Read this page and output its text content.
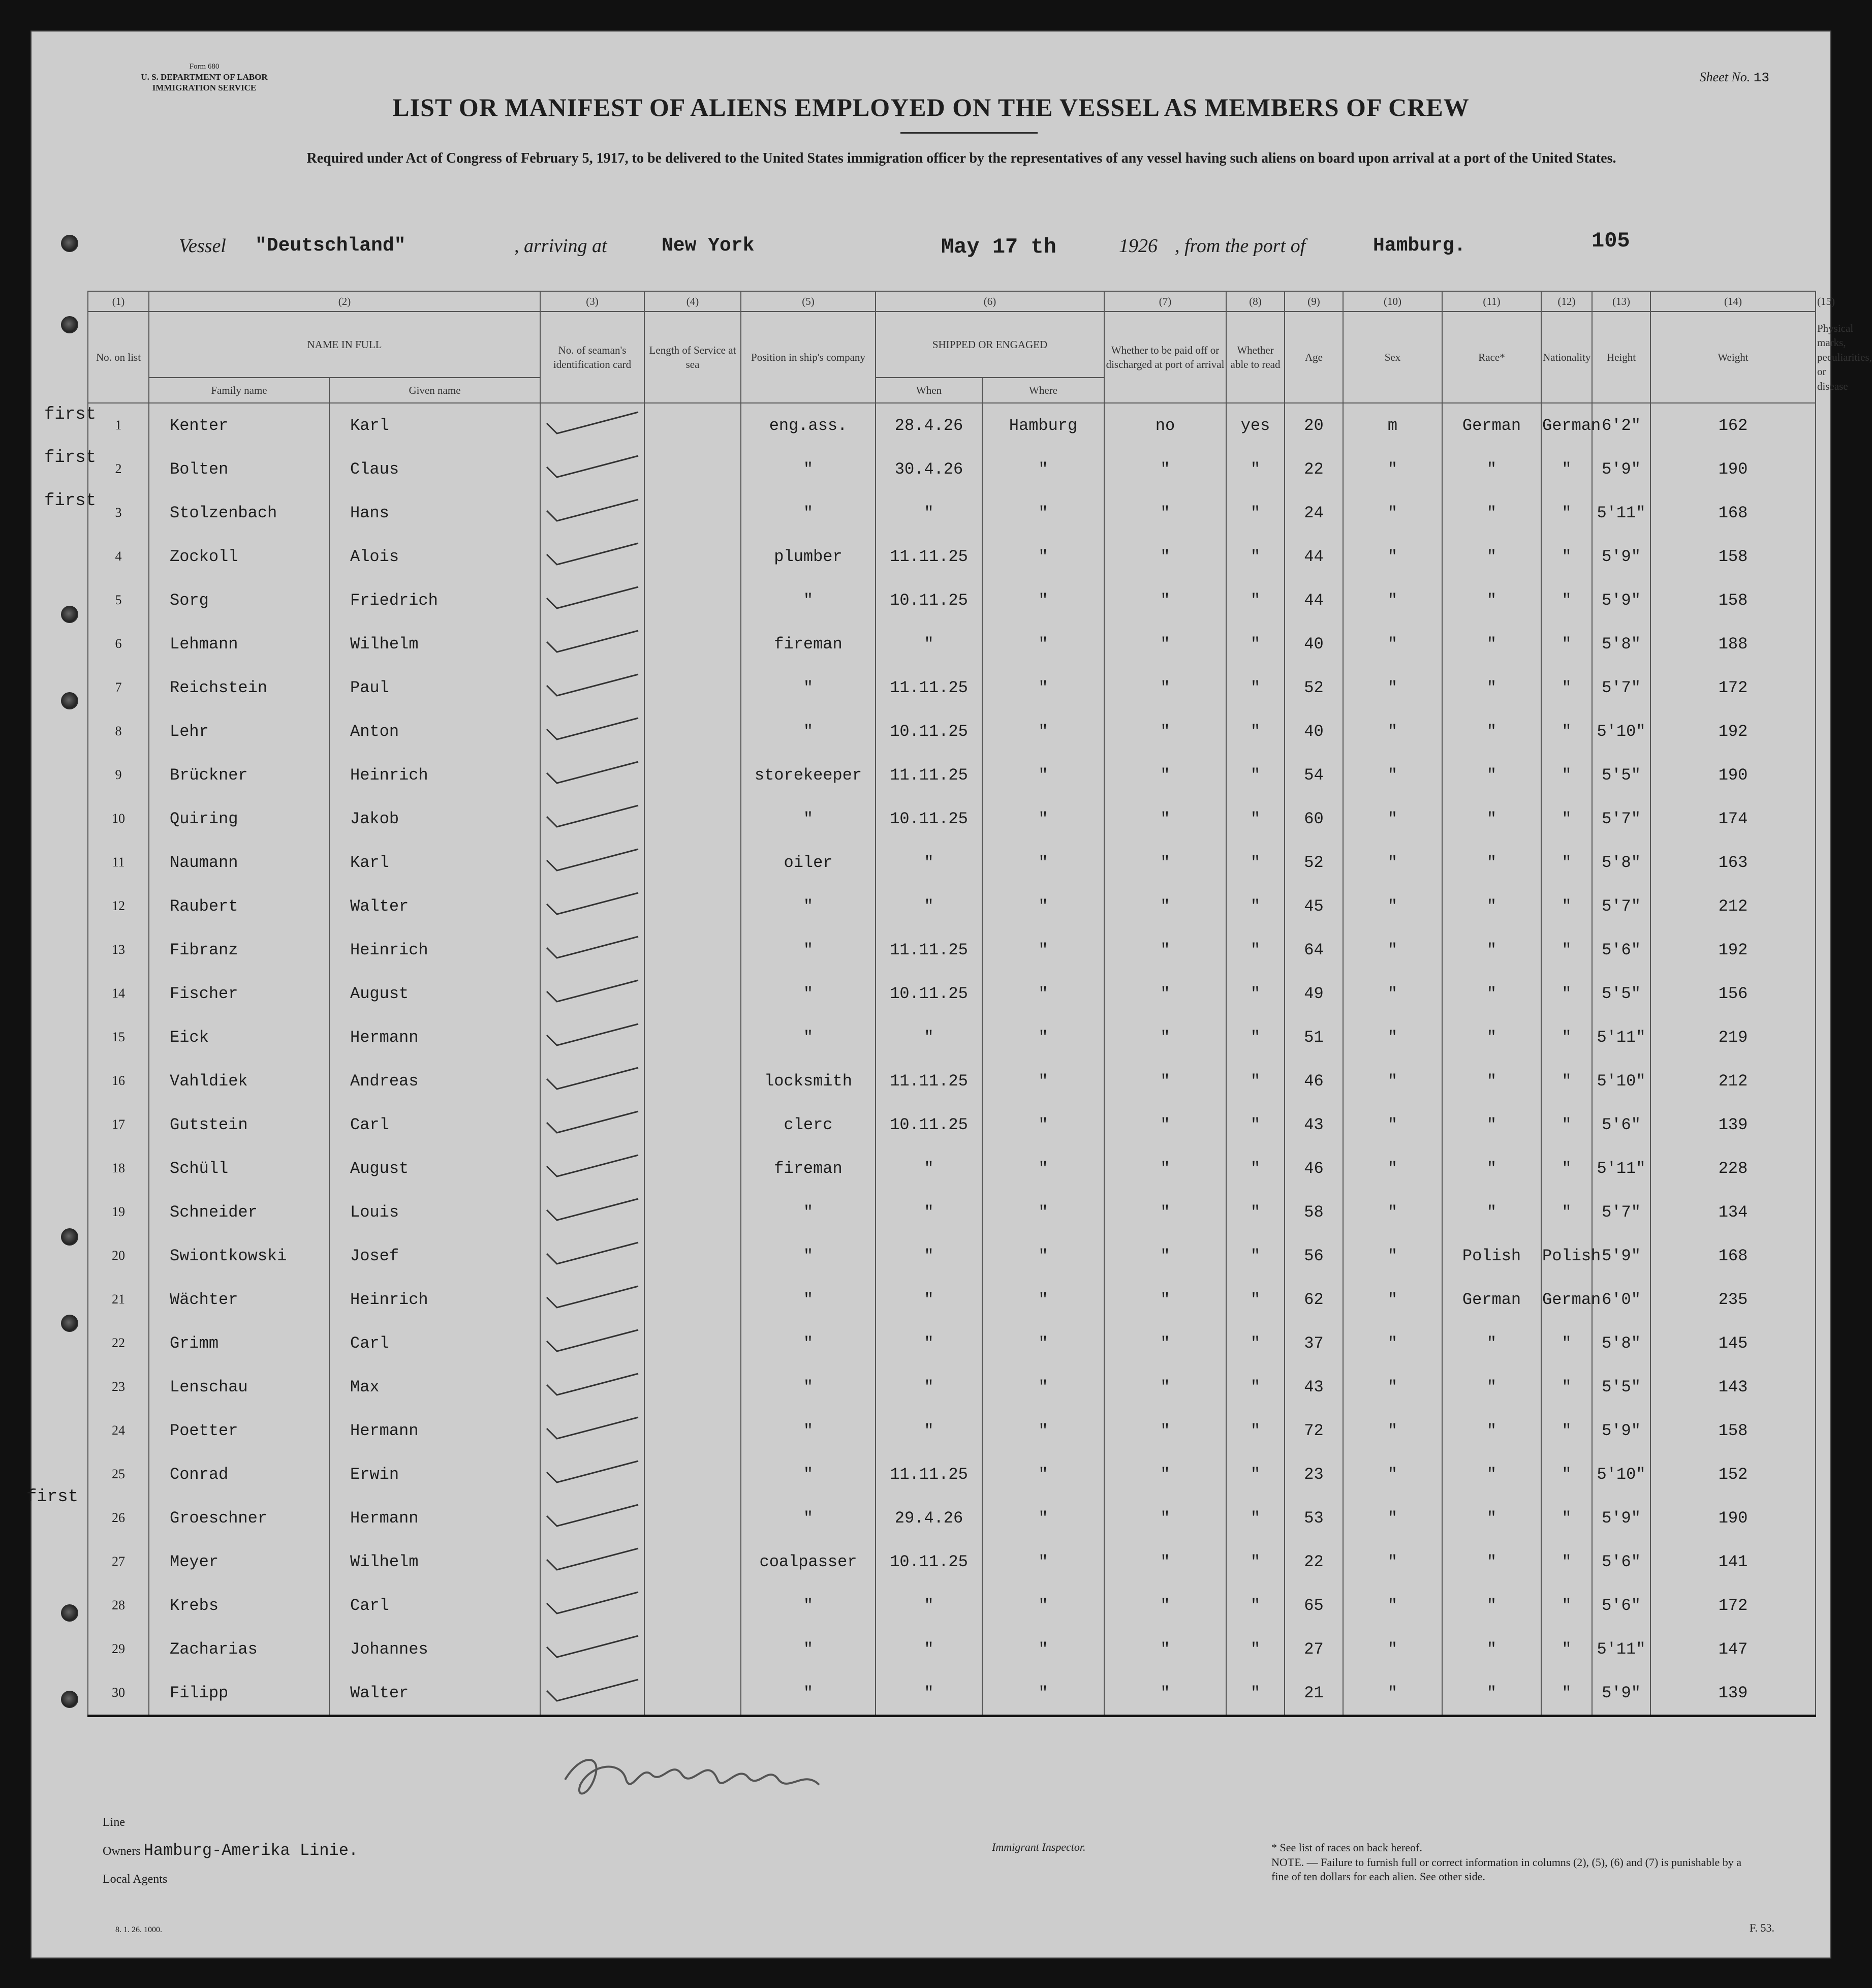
Form 680
U. S. DEPARTMENT OF LABOR
IMMIGRATION SERVICE
Sheet No. 13
LIST OR MANIFEST OF ALIENS EMPLOYED ON THE VESSEL AS MEMBERS OF CREW
Required under Act of Congress of February 5, 1917, to be delivered to the United States immigration officer by the representatives of any vessel having such aliens on board upon arrival at a port of the United States.
Vessel "Deutschland"	, arriving at	New York	May 17 th	1926 , from the port of	Hamburg.	105
first
first
first
first
(1)	(2)		(3)	(4)	(5)	(6)		(7)	(8)	(9)	(10)	(11)	(12)	(13)	(14)	(15)
No. on list	NAME IN FULL		No. of seaman's identification card	Length of Service at sea	Position in ship's company	SHIPPED OR ENGAGED		Whether to be paid off or discharged at port of arrival	Whether able to read	Age	Sex	Race*	Nationality	Height	Weight	Physical marks, peculiarities, or disease
	Family name	Given name				When	Where									
1	Kenter	Karl			eng.ass.	28.4.26	Hamburg	no	yes	20	m	German	German	6'2"	162	
2	Bolten	Claus			"	30.4.26	"	"	"	22	"	"	"	5'9"	190	
3	Stolzenbach	Hans			"	"	"	"	"	24	"	"	"	5'11"	168	
4	Zockoll	Alois			plumber	11.11.25	"	"	"	44	"	"	"	5'9"	158	
5	Sorg	Friedrich			"	10.11.25	"	"	"	44	"	"	"	5'9"	158	
6	Lehmann	Wilhelm			fireman	"	"	"	"	40	"	"	"	5'8"	188	
7	Reichstein	Paul			"	11.11.25	"	"	"	52	"	"	"	5'7"	172	
8	Lehr	Anton			"	10.11.25	"	"	"	40	"	"	"	5'10"	192	
9	Brückner	Heinrich			storekeeper	11.11.25	"	"	"	54	"	"	"	5'5"	190	
10	Quiring	Jakob			"	10.11.25	"	"	"	60	"	"	"	5'7"	174	
11	Naumann	Karl			oiler	"	"	"	"	52	"	"	"	5'8"	163	
12	Raubert	Walter			"	"	"	"	"	45	"	"	"	5'7"	212	
13	Fibranz	Heinrich			"	11.11.25	"	"	"	64	"	"	"	5'6"	192	
14	Fischer	August			"	10.11.25	"	"	"	49	"	"	"	5'5"	156	
15	Eick	Hermann			"	"	"	"	"	51	"	"	"	5'11"	219	
16	Vahldiek	Andreas			locksmith	11.11.25	"	"	"	46	"	"	"	5'10"	212	
17	Gutstein	Carl			clerc	10.11.25	"	"	"	43	"	"	"	5'6"	139	
18	Schüll	August			fireman	"	"	"	"	46	"	"	"	5'11"	228	
19	Schneider	Louis			"	"	"	"	"	58	"	"	"	5'7"	134	
20	Swiontkowski	Josef			"	"	"	"	"	56	"	Polish	Polish	5'9"	168	
21	Wächter	Heinrich			"	"	"	"	"	62	"	German	German	6'0"	235	
22	Grimm	Carl			"	"	"	"	"	37	"	"	"	5'8"	145	
23	Lenschau	Max			"	"	"	"	"	43	"	"	"	5'5"	143	
24	Poetter	Hermann			"	"	"	"	"	72	"	"	"	5'9"	158	
25	Conrad	Erwin			"	11.11.25	"	"	"	23	"	"	"	5'10"	152	
26	Groeschner	Hermann			"	29.4.26	"	"	"	53	"	"	"	5'9"	190	
27	Meyer	Wilhelm			coalpasser	10.11.25	"	"	"	22	"	"	"	5'6"	141	
28	Krebs	Carl			"	"	"	"	"	65	"	"	"	5'6"	172	
29	Zacharias	Johannes			"	"	"	"	"	27	"	"	"	5'11"	147	
30	Filipp	Walter			"	"	"	"	"	21	"	"	"	5'9"	139	
Line
Owners Hamburg-Amerika Linie.
Local Agents
Immigrant Inspector.	* See list of races on back hereof.
NOTE. — Failure to furnish full or correct information in columns (2), (5), (6) and (7) is punishable by a fine of ten dollars for each alien. See other side.
F. 53.
8. 1. 26. 1000.
